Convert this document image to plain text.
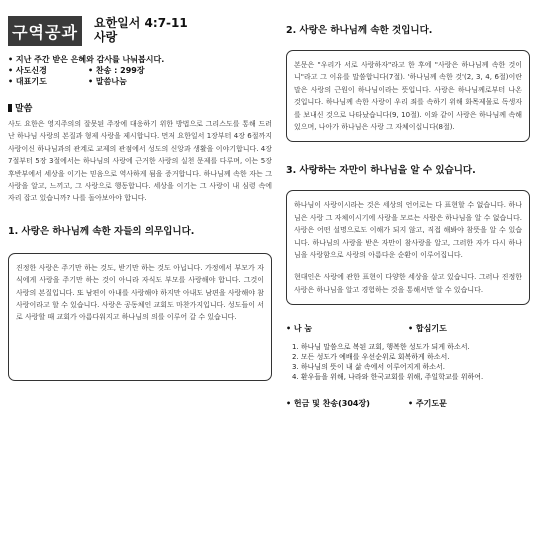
구역공과	요한일서 4:7-11
사랑
• 지난 주간 받은 은혜와 감사를 나눠봅시다.
• 사도신경	• 찬송 : 299장
• 대표기도	• 말씀나눔
말씀
사도 요한은 영지주의의 잘못된 주장에 대응하기 위한 방법으로 그리스도를 통해 드러난 하나님 사랑의 본질과 형제 사랑을 제시합니다. 먼저 요한일서 1장부터 4장 6절까지 사랑이신 하나님과의 관계로 교제의 관점에서 성도의 신앙과 생활을 이야기합니다. 4장 7절부터 5장 3절에서는 하나님의 사랑에 근거한 사랑의 실천 문제를 다루며, 이는 5장 후반부에서 세상을 이기는 믿음으로 역사하게 됨을 증거합니다. 하나님께 속한 자는 그 사랑을 알고, 느끼고, 그 사랑으로 행동합니다. 세상을 이기는 그 사랑이 내 심령 속에 자리 잡고 있습니까? 나를 돌아보아야 합니다.
1. 사랑은 하나님께 속한 자들의 의무입니다.
진정한 사랑은 주기만 하는 것도, 받기만 하는 것도 아닙니다. 가정에서 부모가 자식에게 사랑을 주기만 하는 것이 아니라 자식도 부모를 사랑해야 합니다. 그것이 사랑의 본질입니다. 또 남편이 아내를 사랑해야 하지만 아내도 남편을 사랑해야 참사랑이라고 할 수 있습니다. 사랑은 공동체인 교회도 마찬가지입니다. 성도들이 서로 사랑할 때 교회가 아름다워지고 하나님의 의를 이루어 갈 수 있습니다.
2. 사랑은 하나님께 속한 것입니다.
본문은 "우리가 서로 사랑하자"라고 한 후에 "사랑은 하나님께 속한 것이니"라고 그 이유를 말씀합니다(7절). '하나님께 속한 것'(2, 3, 4, 6절)이란 말은 사랑의 근원이 하나님이라는 뜻입니다. 사랑은 하나님께로부터 나온 것입니다. 하나님께 속한 사랑이 우리 죄를 속하기 위해 화목제물로 독생자를 보내신 것으로 나타났습니다(9, 10절). 이와 같이 사랑은 하나님께 속해 있으며, 나아가 하나님은 사랑 그 자체이십니다(8절).
3. 사랑하는 자만이 하나님을 알 수 있습니다.
하나님이 사랑이시라는 것은 세상의 언어로는 다 표현할 수 없습니다. 하나님은 사랑 그 자체이시기에 사랑을 모르는 사람은 하나님을 알 수 없습니다. 사랑은 어떤 설명으로도 이해가 되지 않고, 직접 해봐야 참뜻을 알 수 있습니다. 하나님의 사랑을 받은 자만이 참사랑을 알고, 그러한 자가 다시 하나님을 사랑함으로 사랑의 아름다운 순환이 이루어집니다.
현대인은 사랑에 관한 표현이 다양한 세상을 살고 있습니다. 그러나 진정한 사랑은 하나님을 알고 경험하는 것을 통해서만 알 수 있습니다.
• 나 눔	• 합심기도
1. 하나님 말씀으로 복된 교회, 행복한 성도가 되게 하소서.
2. 모든 성도가 예배를 우선순위로 회복하게 하소서.
3. 하나님의 뜻이 내 삶 속에서 이루어지게 하소서.
4. 환우들을 위해, 나라와 한국교회를 위해, 주일학교를 위하여.
• 헌금 및 찬송(304장)	• 주기도문
